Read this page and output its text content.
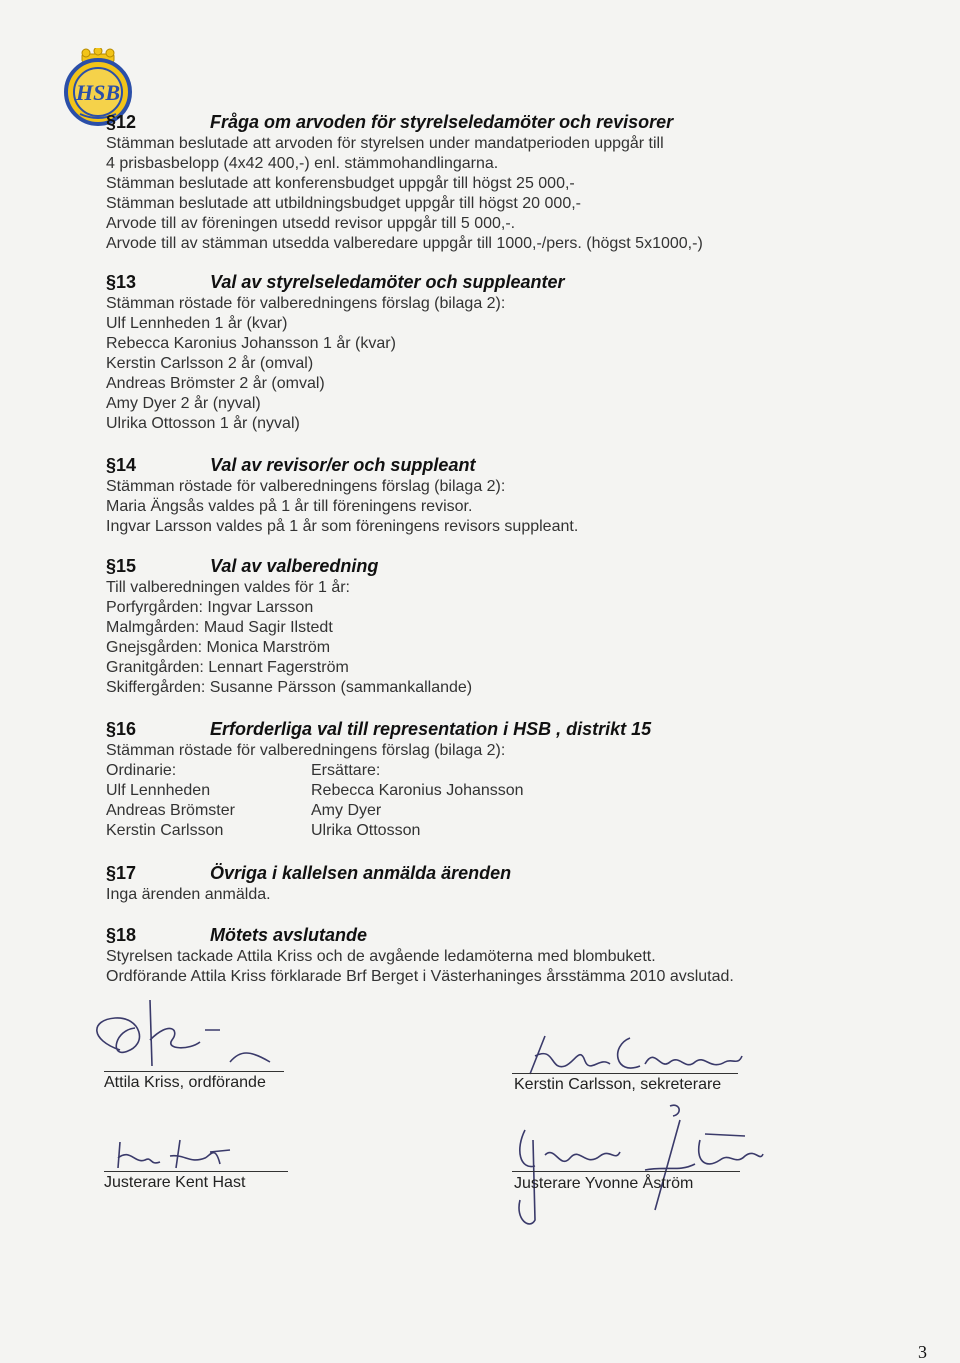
HSB
§12	Fråga om arvoden för styrelseledamöter och revisorer
Stämman beslutade att arvoden för styrelsen under mandatperioden uppgår till
4 prisbasbelopp (4x42 400,-) enl. stämmohandlingarna.
Stämman beslutade att konferensbudget uppgår till högst 25 000,-
Stämman beslutade att utbildningsbudget uppgår till högst 20 000,-
Arvode till av föreningen utsedd revisor uppgår till 5 000,-.
Arvode till av stämman utsedda valberedare uppgår till 1000,-/pers. (högst 5x1000,-)
§13	Val av styrelseledamöter och suppleanter
Stämman röstade för valberedningens förslag (bilaga 2):
Ulf Lennheden 1 år (kvar)
Rebecca Karonius Johansson 1 år (kvar)
Kerstin Carlsson 2 år (omval)
Andreas Brömster 2 år (omval)
Amy Dyer 2 år (nyval)
Ulrika Ottosson 1 år (nyval)
§14	Val av revisor/er och suppleant
Stämman röstade för valberedningens förslag (bilaga 2):
Maria Ängsås valdes på 1 år till föreningens revisor.
Ingvar Larsson valdes på 1 år som föreningens revisors suppleant.
§15	Val av valberedning
Till valberedningen valdes för 1 år:
Porfyrgården: Ingvar Larsson
Malmgården: Maud Sagir Ilstedt
Gnejsgården: Monica Marström
Granitgården: Lennart Fagerström
Skiffergården: Susanne Pärsson (sammankallande)
§16	Erforderliga val till representation i HSB , distrikt 15
Stämman röstade för valberedningens förslag (bilaga 2):
Ordinarie:	Ersättare:
Ulf Lennheden	Rebecca Karonius Johansson
Andreas Brömster	Amy Dyer
Kerstin Carlsson	Ulrika Ottosson
§17	Övriga i kallelsen anmälda ärenden
Inga ärenden anmälda.
§18	Mötets avslutande
Styrelsen tackade Attila Kriss och de avgående ledamöterna med blombukett.
Ordförande Attila Kriss förklarade Brf Berget i Västerhaninges årsstämma 2010 avslutad.
Attila Kriss, ordförande	Kerstin Carlsson, sekreterare
Justerare Kent Hast	Justerare Yvonne Åström
3
